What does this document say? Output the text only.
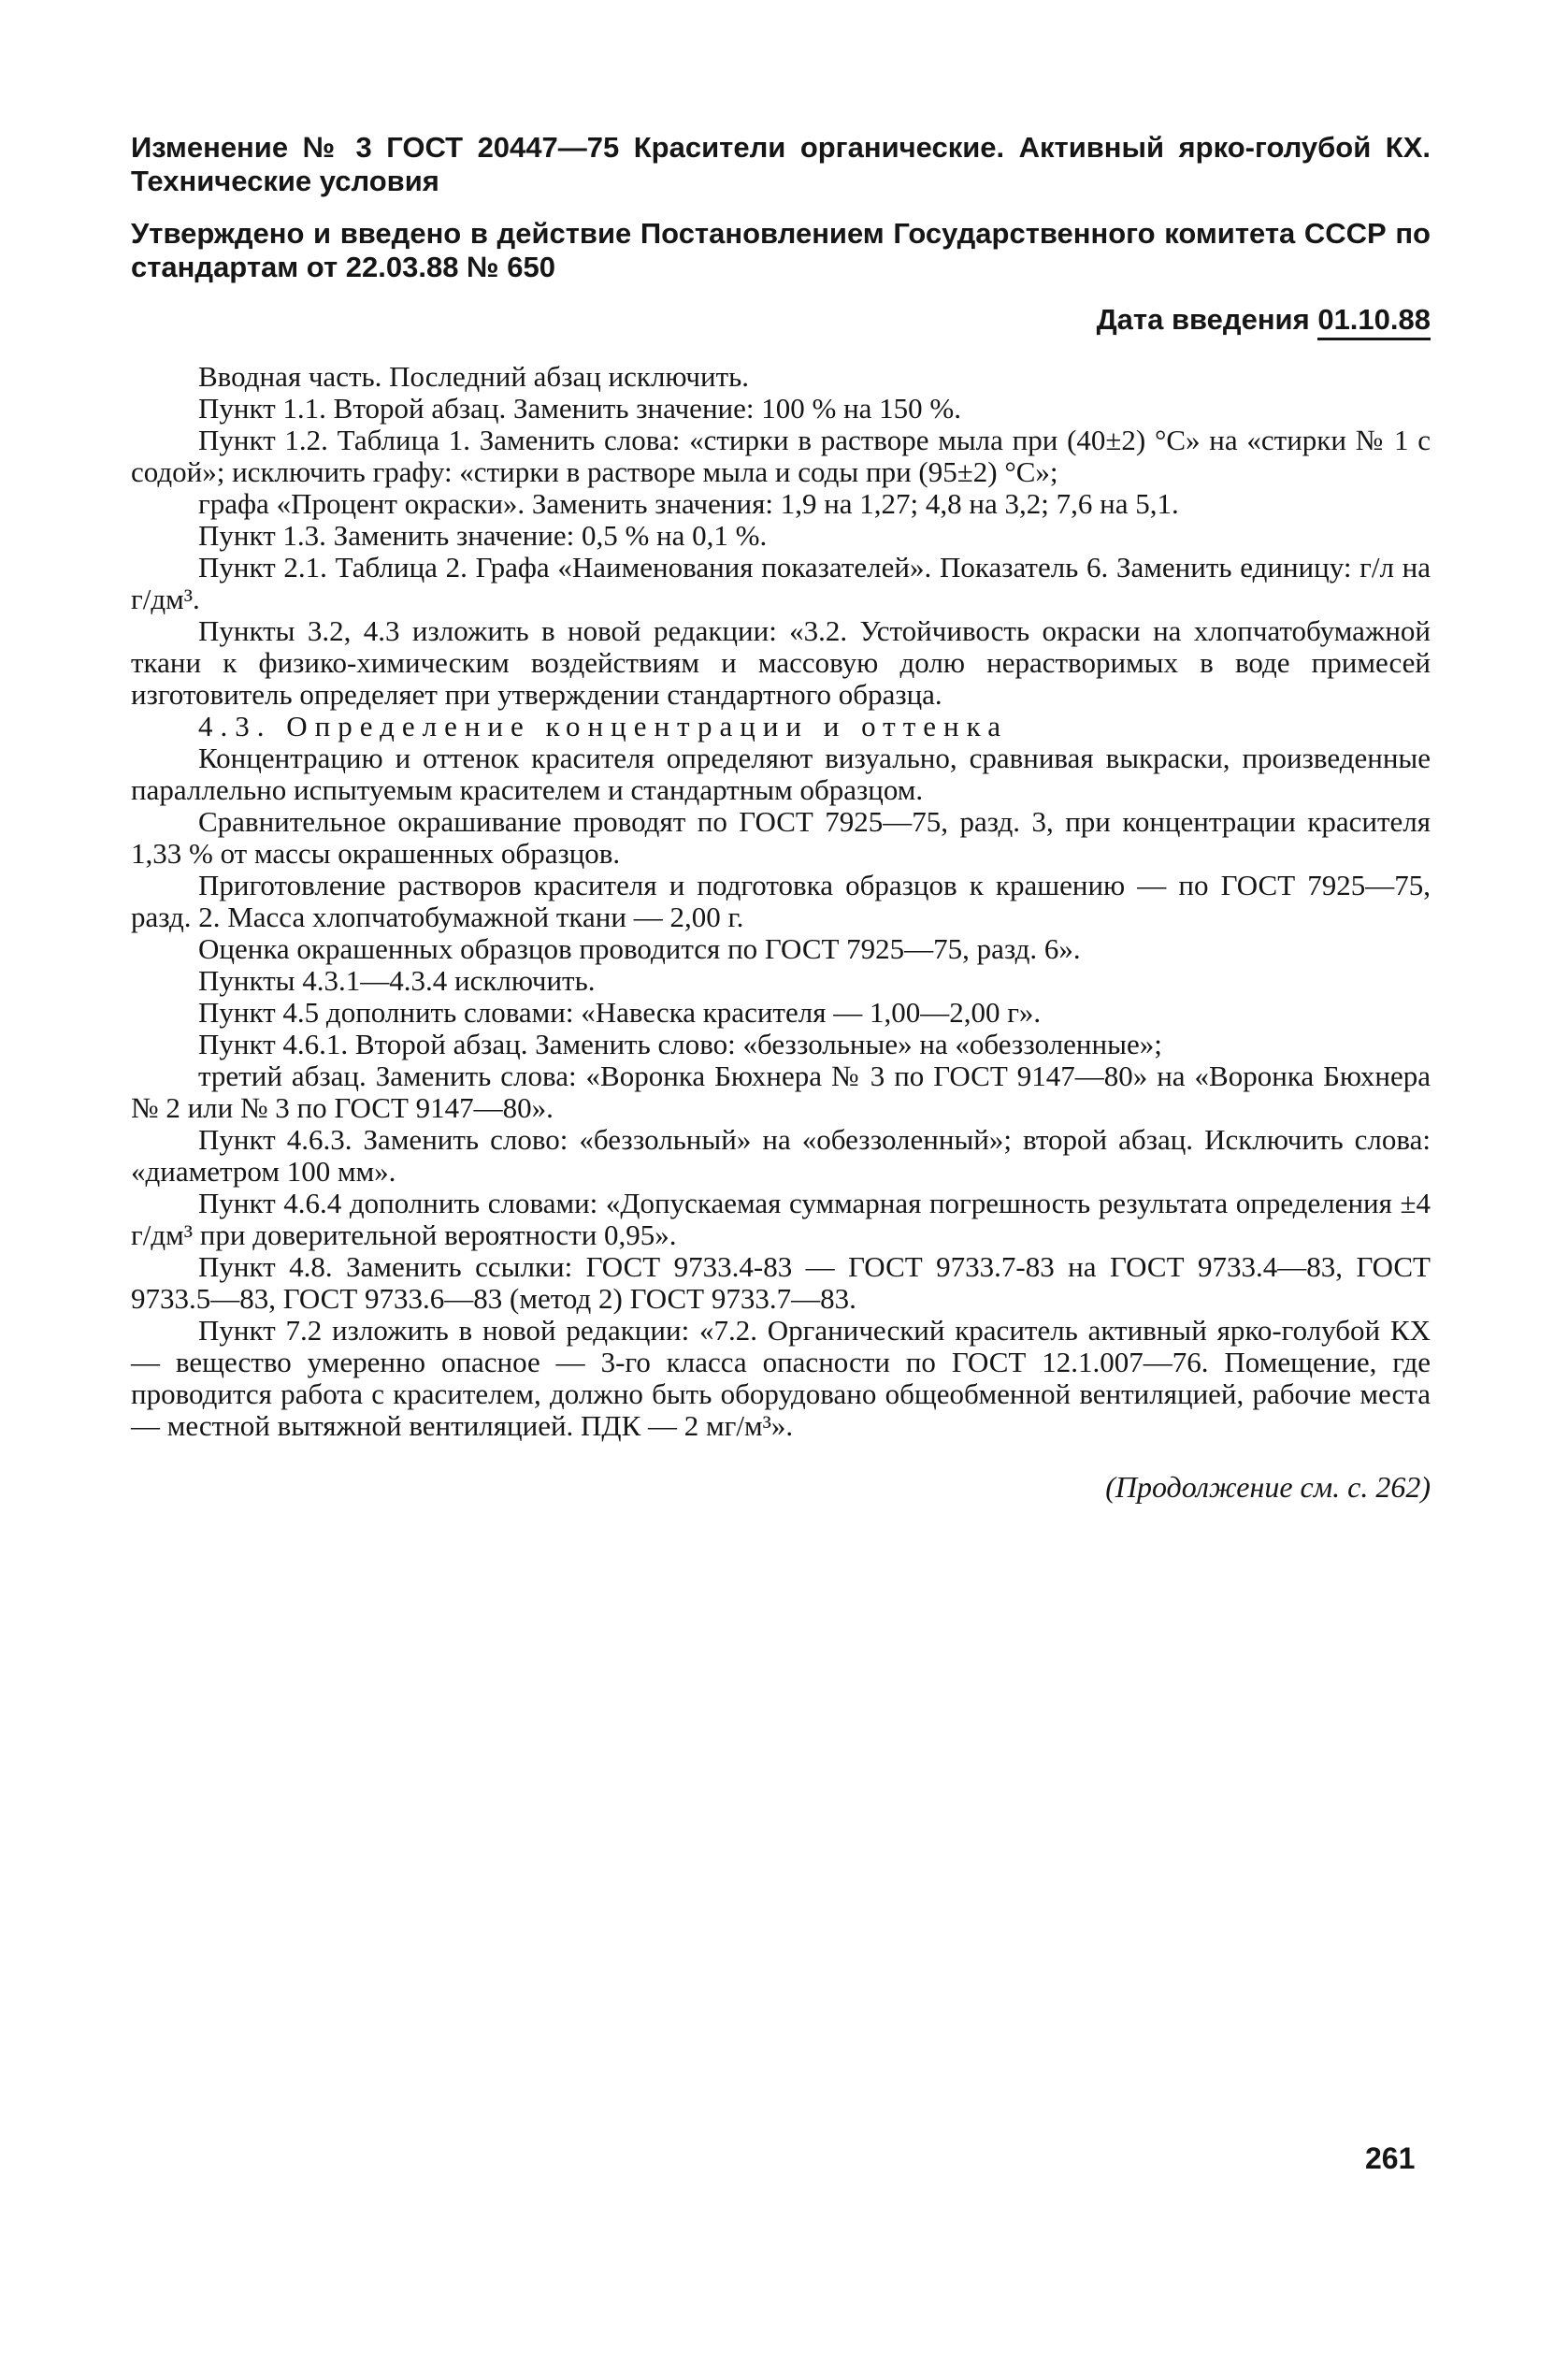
Изменение № 3 ГОСТ 20447—75 Красители органические. Активный ярко-голубой КХ. Технические условия

Утверждено и введено в действие Постановлением Государственного комитета СССР по стандартам от 22.03.88 № 650

Дата введения 01.10.88

Вводная часть. Последний абзац исключить.

Пункт 1.1. Второй абзац. Заменить значение: 100 % на 150 %.

Пункт 1.2. Таблица 1. Заменить слова: «стирки в растворе мыла при (40±2) °С» на «стирки № 1 с содой»; исключить графу: «стирки в растворе мыла и соды при (95±2) °С»;

графа «Процент окраски». Заменить значения: 1,9 на 1,27; 4,8 на 3,2; 7,6 на 5,1.

Пункт 1.3. Заменить значение: 0,5 % на 0,1 %.

Пункт 2.1. Таблица 2. Графа «Наименования показателей». Показатель 6. Заменить единицу: г/л на г/дм³.

Пункты 3.2, 4.3 изложить в новой редакции: «3.2. Устойчивость окраски на хлопчатобумажной ткани к физико-химическим воздействиям и массовую долю нерастворимых в воде примесей изготовитель определяет при утверждении стандартного образца.

4.3. Определение концентрации и оттенка

Концентрацию и оттенок красителя определяют визуально, сравнивая выкраски, произведенные параллельно испытуемым красителем и стандартным образцом.

Сравнительное окрашивание проводят по ГОСТ 7925—75, разд. 3, при концентрации красителя 1,33 % от массы окрашенных образцов.

Приготовление растворов красителя и подготовка образцов к крашению — по ГОСТ 7925—75, разд. 2. Масса хлопчатобумажной ткани — 2,00 г.

Оценка окрашенных образцов проводится по ГОСТ 7925—75, разд. 6».

Пункты 4.3.1—4.3.4 исключить.

Пункт 4.5 дополнить словами: «Навеска красителя — 1,00—2,00 г».

Пункт 4.6.1. Второй абзац. Заменить слово: «беззольные» на «обеззоленные»;

третий абзац. Заменить слова: «Воронка Бюхнера № 3 по ГОСТ 9147—80» на «Воронка Бюхнера № 2 или № 3 по ГОСТ 9147—80».

Пункт 4.6.3. Заменить слово: «беззольный» на «обеззоленный»; второй абзац. Исключить слова: «диаметром 100 мм».

Пункт 4.6.4 дополнить словами: «Допускаемая суммарная погрешность результата определения ±4 г/дм³ при доверительной вероятности 0,95».

Пункт 4.8. Заменить ссылки: ГОСТ 9733.4-83 — ГОСТ 9733.7-83 на ГОСТ 9733.4—83, ГОСТ 9733.5—83, ГОСТ 9733.6—83 (метод 2) ГОСТ 9733.7—83.

Пункт 7.2 изложить в новой редакции: «7.2. Органический краситель активный ярко-голубой КХ — вещество умеренно опасное — 3-го класса опасности по ГОСТ 12.1.007—76. Помещение, где проводится работа с красителем, должно быть оборудовано общеобменной вентиляцией, рабочие места — местной вытяжной вентиляцией. ПДК — 2 мг/м³».

(Продолжение см. с. 262)
261
